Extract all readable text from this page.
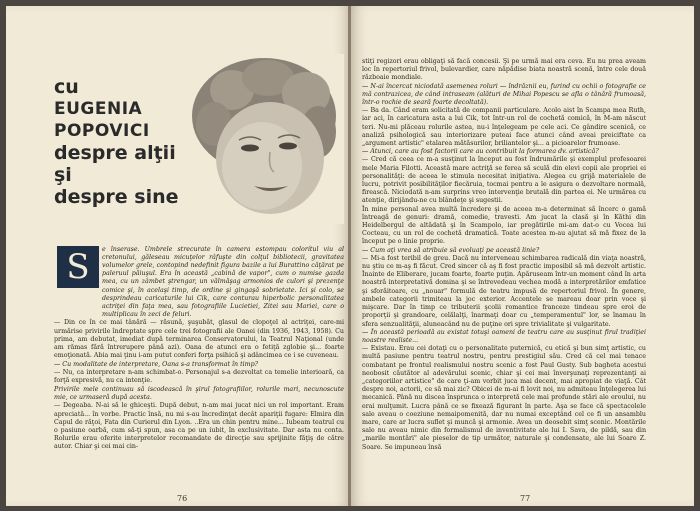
cu
EUGENIA POPOVICI
despre alţii
şi
despre sine
S	e înserase. Umbrele strecurate în camera estompau colorítul viu al cretonului, găleseau micuţelor râfuşte din colţul bibliotecii, gravitatea volumelor grele, contopind nedefinit figura bazile a lui Burattino căţărat pe paleruul păiuşul. Era în această „cabină de vapor", cum o numise gazda mea, cu un zâmbet ştrengar, un vălmăşag armonios de culori şi prezenţe comice şi, în acelaşi timp, de ordine şi gingaşă sobrietate. Ici şi colo, se desprindeau caricaturile lui Cik, care conturau hiperbolic personalitatea actriţei din faţa mea, sau fotografiile Lucietiei, Zitei sau Mariei, care o multiplicau în zeci de feluri.

— Din ce în ce mai tânără — răsună, şuşubăt, glasul de clopoţel al actriţei, care-mi urmărise privirile îndreptate spre cele trei fotografii ale Oanei (din 1936, 1943, 1958). Cu prima, am debutat, imediat după terminarea Conservatorului, la Teatrul Naţional (unde am rămas fără întrerupere până azi). Oana de atunci era o fetiţă zglobie şi... foarte emoţionată. Abia mai ţinu i-am putut conferi forţa psihică şi adâncimea ce i se cuveneau.

— Cu modalitate de interpretare, Oana s-a transformat în timp?

— Nu, ca interpretare n-am schimbat-o. Personajul s-a dezvoltat ca temelie interioară, ca forţă expresivă, nu ca intenţie.

Privirile mele continuau să iscodească în şirul fotografiilor, rolurile mari, necunoscute mie, ce urmaseră după acesta.

— Degeaba. N-ai să le ghiceşti. După debut, n-am mai jucat nici un rol important. Eram apreciată... în vorbe. Practic însă, nu mi s-au încredinţat decât apariţii fugare: Elmira din Capul de răţoi, Fata din Curierul din Lyon. ..Era un chin pentru mine... Iubeam teatrul cu o pasiune oarbă, cum să-ţi spun, asa ca pe un iubit, în exclusivitate. Dar asta nu conta. Rolurile erau oferite interpretelor recomandate de direcţie sau sprijinite făţiş de către autor. Chiar şi cei mai cin-

76	77

stiţi regizori erau obligaţi să facă concesii. Şi pe urmă mai era ceva. Eu nu prea aveam loc în repertoriul frivol, bulevardier, care năpădise biata noastră scenă, între cele două războaie mondiale.

— N-ai încercat niciodată asemenea roluri — îndrăznii eu, furind cu ochii o fotografie ce mă contrazicea, de când intraseam (alături de Mihai Popescu se afla o tânără frumoasă, într-o rochie de seară foarte decoltată).

— Ba da. Când eram solicitată de companii particulare. Acolo aist în Scampa mea Ruth, iar aci, în caricatura asta a lui Cik, tot într-un rol de cochetă comică, în M-am născut teri. Nu-mi plăceau rolurile astea, nu-i înţelegeam pe cele aci. Ce gândire scenică, ce analiză psihologică sau interiorizare puteai face atunci când aveai preiciftate ca „argument artistic" etalarea mătăsurilor, briliantelor şi... a picioarelor frumoase.

— Atunci, care au fost factorii care au contribuit la formarea dv. artistică?

— Cred că ceea ce m-a susţinut la început au fost îndrumările şi exemplul profesoarei mele Maria Filotti. Această mare actriţă se ferea să sculă din elevi copii ale propriei ei personalităţi: de aceea le stimula necesitat iniţiativa. Alegea cu grijă materialele de lucru, potrivit posibilităţilor fiecăruia, tocmai pentru a le asigura o dezvoltare normală, firească. Niciodată n-am surprins vreo intervenţie brutală din partea ei. Ne urmărea cu atenţie, dirijându-ne cu blândeţe şi sugestii.

În mine personal avea multă încredere şi de aceea m-a determinat să încerc o gamă întreagă de genuri: dramă, comedie, travesti. Am jucat la clasă şi în Kăthi din Heidelbergul de altădată şi în Scampolo, iar pregătirile mi-am dat-o cu Vocea lui Cocteau, cu un rol de cochetă dramatică. Toate acestea m-au ajutat să mă fixez de la început pe o linie proprie.

— Cum aţi vrea să atribuie să evoluaţi pe această linie?

— Mi-a fost teribil de greu. Dacă nu interveneau schimbarea radicală din viaţa noastră, nu ştiu ce m-aş fi făcut. Cred sincer că aş fi fost practic imposibil să mă dezvolt artistic. Înainte de Eliberare, jucam foarte, foarte puţin. Apăruseam într-un moment când în arta noastră interpretativă domina şi se întrevedeau vechea modă a interpretărilor emfatice şi sforăitoare, cu „nouar" formulă de teatru impusă de repertoriul frivol. În genere, ambele categorii trimiteau la joc exterior. Accentele se mareau doar prin voce şi mişcare. Dar în timp ce tributerii şcolii romantice franceze tindeau spre eroi de proporţii şi grandoare, celălalţi, înarmaţi doar cu „temperamentul" lor, se înamau în sfera senzualităţii, aluneacând nu de puţine ori spre trivialitate şi vulgaritate.

— În această perioadă au existat totuşi oameni de teatru care au susţinut firul tradiţiei noastre realiste...

— Existau. Erau cei dotaţi cu o personalitate puternică, cu etică şi bun simţ artistic, cu multă pasiune pentru teatrul nostru, pentru prestigiul său. Cred că cel mai tenace combatant pe frontul realismului nostru scenic a fost Paul Gusty. Sub bagheta acestui neobosit căutător al adevărului scenic, chiar şi cei mai înverşunaţi reprezentanţi ai „categoriilor artistice" de care ţi-am vorbit juca mai decent, mai apropiat de viaţă. Cât despre noi, actorii, ce să mai zic? Obicei de m-ai fi lovit noi, nu admiteau înţelegerea lui mecanică. Până nu discea însprunca o interpretă cele mai profunde stări ale eroului, nu erai mulţumit. Lucra până ce se fixează figurant în parte. Aşa se face că spectacolele sale aveau o coeziune nemaipomenită, dar nu numai exceptând cel ce fi un ansamblu mare, care ar lucra suflet şi muncă şi armonie. Avea un deosebit simţ scenic. Montările sale nu aveau nimic din formalismul de inventivitate ale lui I. Sava, de pildă, sau din „marile montări" ale pieselor de tip următor, naturale şi condensate, ale lui Soare Z. Soare. Se impuneau însă
